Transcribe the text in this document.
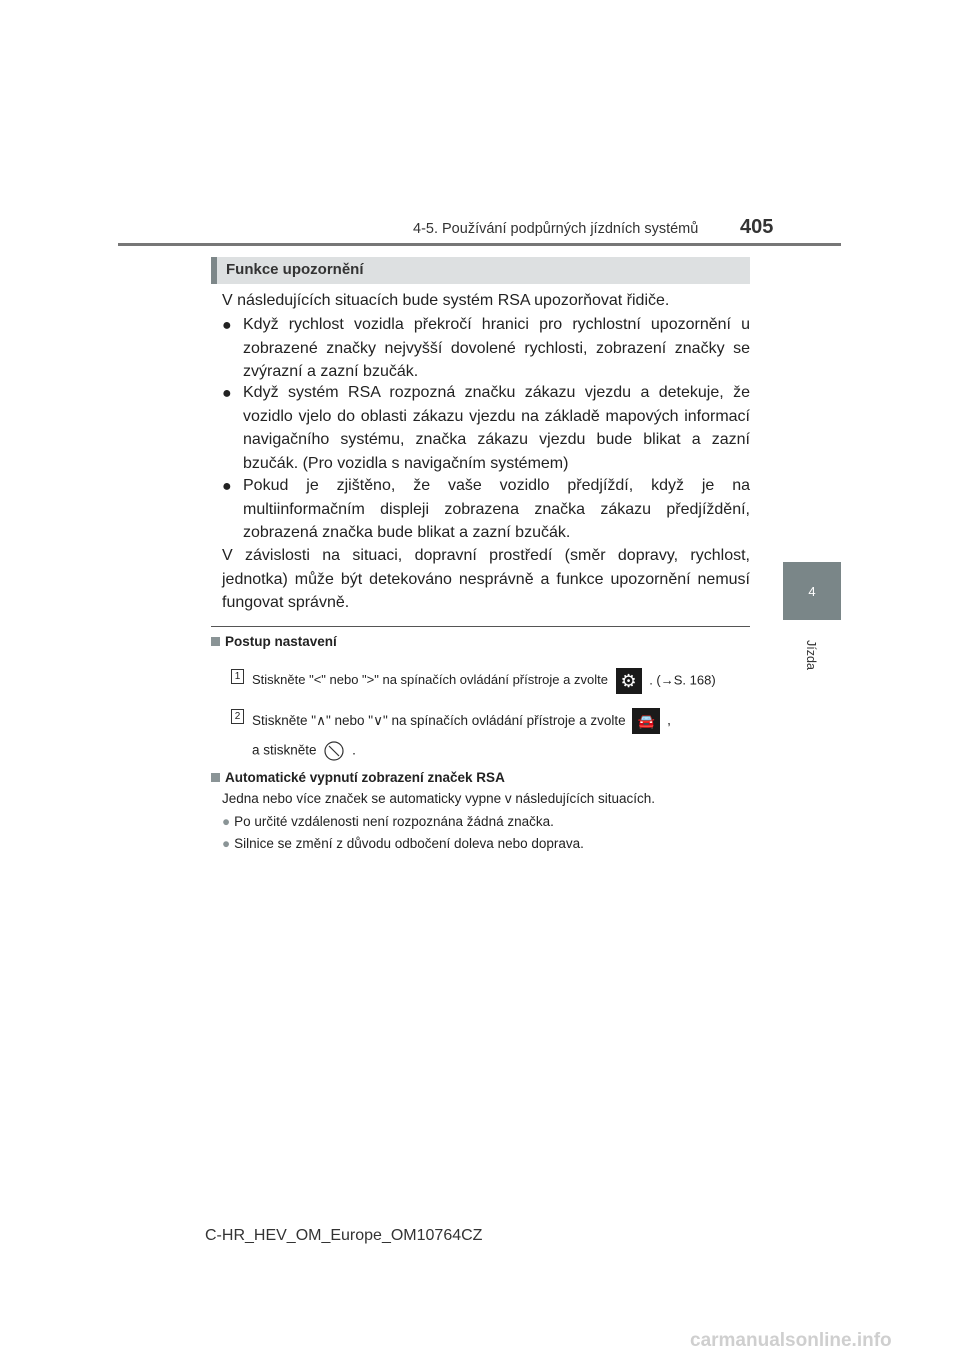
4-5. Používání podpůrných jízdních systémů 405
4
Jízda
Funkce upozornění
V následujících situacích bude systém RSA upozorňovat řidiče.
● Když rychlost vozidla překročí hranici pro rychlostní upozornění u zobrazené značky nejvyšší dovolené rychlosti, zobrazení značky se zvýrazní a zazní bzučák.
● Když systém RSA rozpozná značku zákazu vjezdu a detekuje, že vozidlo vjelo do oblasti zákazu vjezdu na základě mapových informací navigačního systému, značka zákazu vjezdu bude blikat a zazní bzučák. (Pro vozidla s navigačním systémem)
● Pokud je zjištěno, že vaše vozidlo předjíždí, když je na multiinformačním displeji zobrazena značka zákazu předjíždění, zobrazená značka bude blikat a zazní bzučák.
V závislosti na situaci, dopravní prostředí (směr dopravy, rychlost, jednotka) může být detekováno nesprávně a funkce upozornění nemusí fungovat správně.
Postup nastavení
1 Stiskněte "<" nebo ">" na spínačích ovládání přístroje a zvolte ⚙ . (→S. 168)
2 Stiskněte "∧" nebo "∨" na spínačích ovládání přístroje a zvolte 🚘 ,
a stiskněte	.
Automatické vypnutí zobrazení značek RSA
Jedna nebo více značek se automaticky vypne v následujících situacích.
● Po určité vzdálenosti není rozpoznána žádná značka.
● Silnice se změní z důvodu odbočení doleva nebo doprava.
C-HR_HEV_OM_Europe_OM10764CZ
carmanualsonline.info
